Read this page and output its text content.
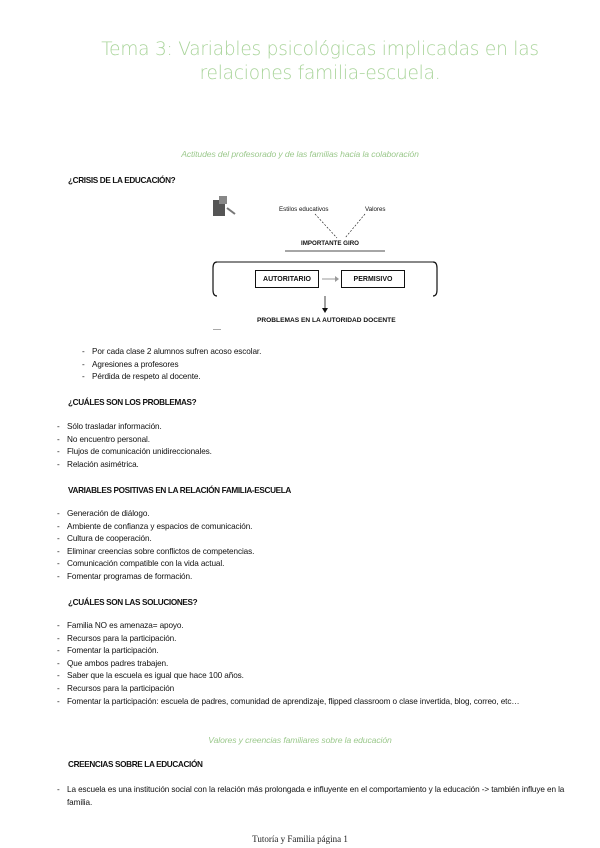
Tema 3: Variables psicológicas implicadas en las relaciones familia-escuela.
Actitudes del profesorado y de las familias hacia la colaboración
¿CRISIS DE LA EDUCACIÓN?
Estilos educativos	Valores
IMPORTANTE GIRO
AUTORITARIO	PERMISIVO
PROBLEMAS EN LA AUTORIDAD DOCENTE
----
- Por cada clase 2 alumnos sufren acoso escolar.
- Agresiones a profesores
- Pérdida de respeto al docente.
¿CUÁLES SON LOS PROBLEMAS?
- Sólo trasladar información.
- No encuentro personal.
- Flujos de comunicación unidireccionales.
- Relación asimétrica.
VARIABLES POSITIVAS EN LA RELACIÓN FAMILIA-ESCUELA
- Generación de diálogo.
- Ambiente de confianza y espacios de comunicación.
- Cultura de cooperación.
- Eliminar creencias sobre conflictos de competencias.
- Comunicación compatible con la vida actual.
- Fomentar programas de formación.
¿CUÁLES SON LAS SOLUCIONES?
- Familia NO es amenaza= apoyo.
- Recursos para la participación.
- Fomentar la participación.
- Que ambos padres trabajen.
- Saber que la escuela es igual que hace 100 años.
- Recursos para la participación
- Fomentar la participación: escuela de padres, comunidad de aprendizaje, flipped classroom o clase invertida, blog, correo, etc…
Valores y creencias familiares sobre la educación
CREENCIAS SOBRE LA EDUCACIÓN
- La escuela es una institución social con la relación más prolongada e influyente en el comportamiento y la educación -> también influye en la familia.
Tutoría y Familia página 1
